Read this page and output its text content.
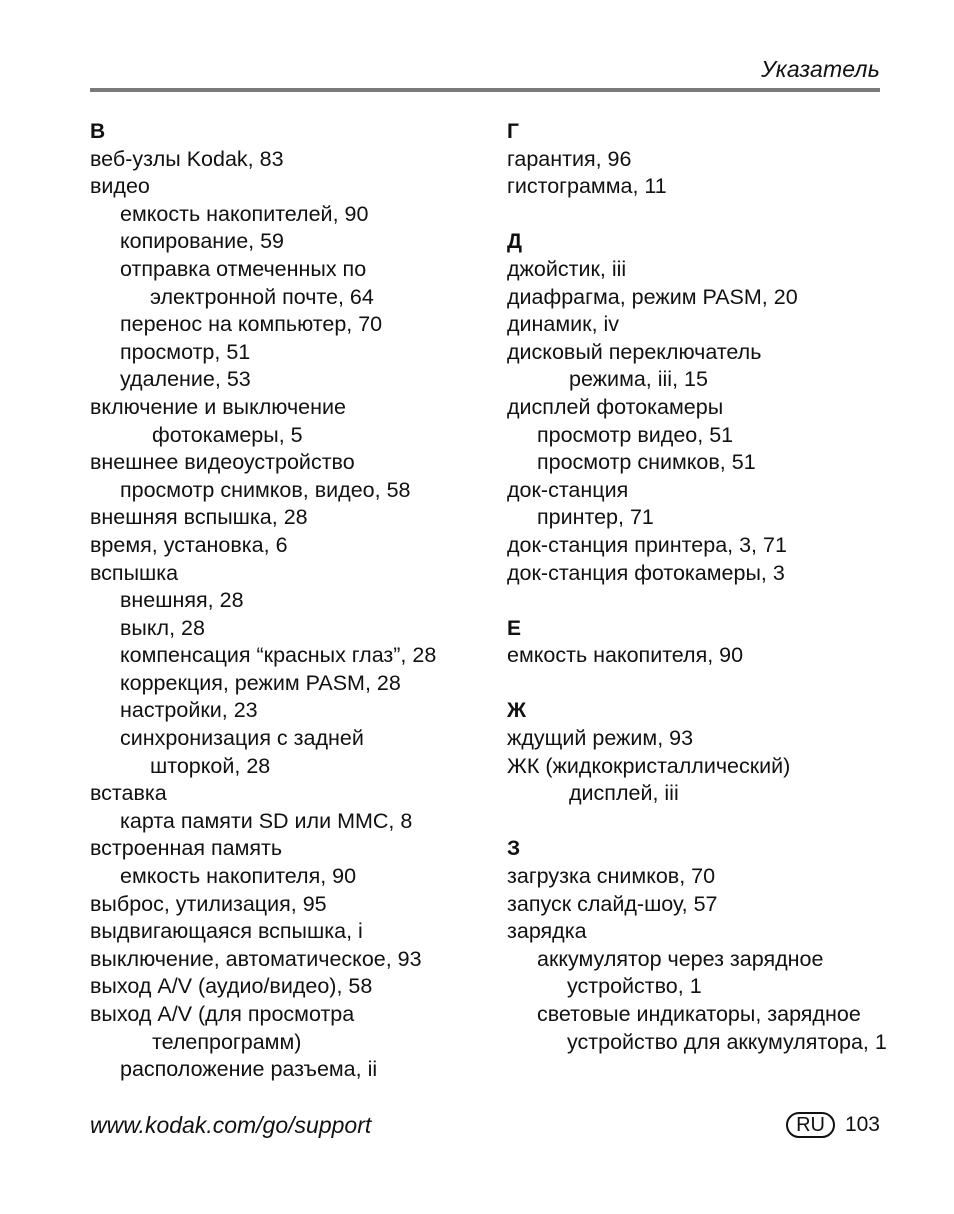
Указатель
В
веб-узлы Kodak, 83
видео
емкость накопителей, 90
копирование, 59
отправка отмеченных по
электронной почте, 64
перенос на компьютер, 70
просмотр, 51
удаление, 53
включение и выключение
фотокамеры, 5
внешнее видеоустройство
просмотр снимков, видео, 58
внешняя вспышка, 28
время, установка, 6
вспышка
внешняя, 28
выкл, 28
компенсация “красных глаз”, 28
коррекция, режим PASM, 28
настройки, 23
синхронизация с задней
шторкой, 28
вставка
карта памяти SD или MMC, 8
встроенная память
емкость накопителя, 90
выброс, утилизация, 95
выдвигающаяся вспышка, i
выключение, автоматическое, 93
выход A/V (аудио/видео), 58
выход A/V (для просмотра
телепрограмм)
расположение разъема, ii
Г
гарантия, 96
гистограмма, 11
Д
джойстик, iii
диафрагма, режим PASM, 20
динамик, iv
дисковый переключатель
режима, iii, 15
дисплей фотокамеры
просмотр видео, 51
просмотр снимков, 51
док-станция
принтер, 71
док-станция принтера, 3, 71
док-станция фотокамеры, 3
Е
емкость накопителя, 90
Ж
ждущий режим, 93
ЖК (жидкокристаллический)
дисплей, iii
З
загрузка снимков, 70
запуск слайд-шоу, 57
зарядка
аккумулятор через зарядное
устройство, 1
световые индикаторы, зарядное
устройство для аккумулятора, 1
www.kodak.com/go/support	RU 103
